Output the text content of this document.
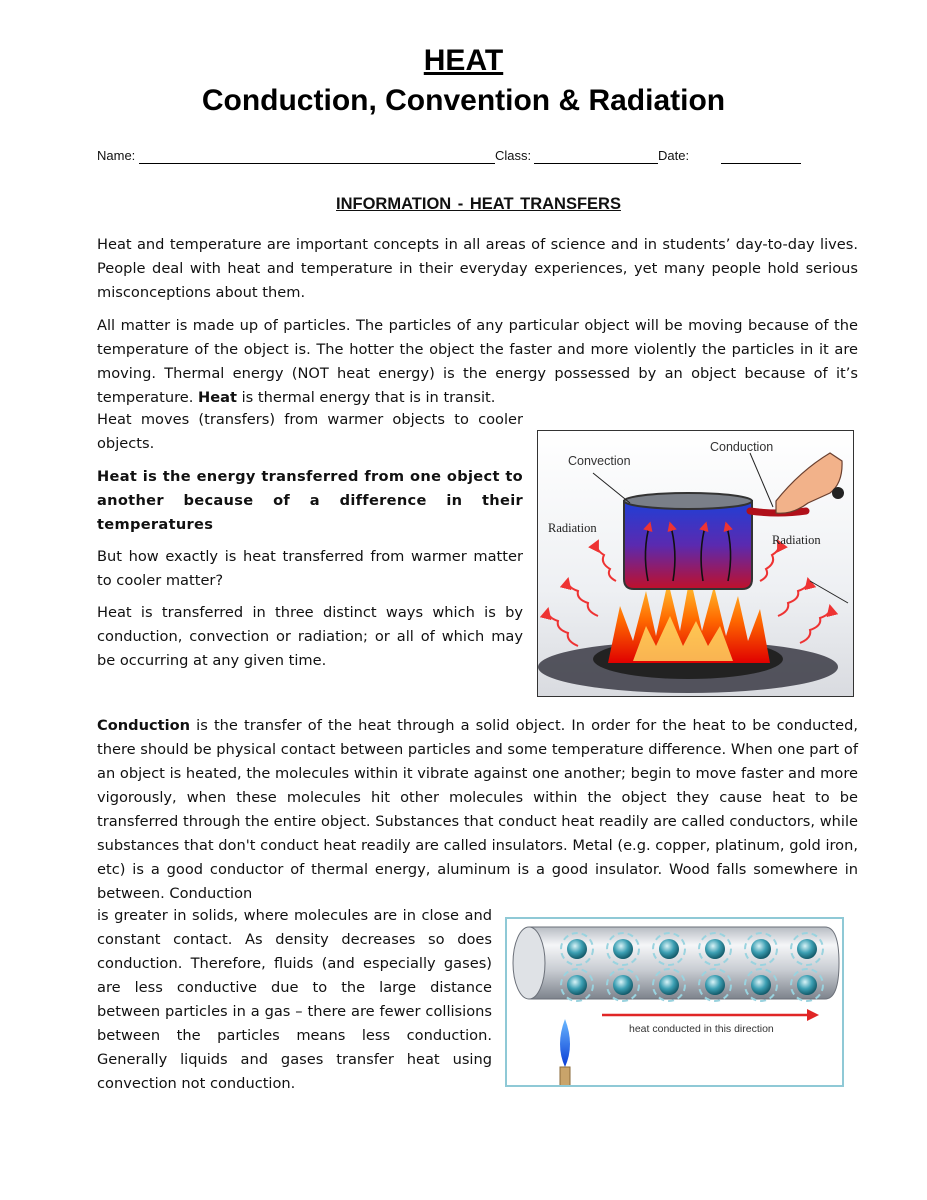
HEAT
Conduction, Convention & Radiation
Name:	Class:	Date:
INFORMATION - HEAT TRANSFERS

Heat and temperature are important concepts in all areas of science and in students’ day-to-day lives. People deal with heat and temperature in their everyday experiences, yet many people hold serious misconceptions about them.

All matter is made up of particles. The particles of any particular object will be moving because of the temperature of the object is. The hotter the object the faster and more violently the particles in it are moving. Thermal energy (NOT heat energy) is the energy possessed by an object because of it’s temperature. Heat is thermal energy that is in transit.

Heat moves (transfers) from warmer objects to cooler objects.

Heat is the energy transferred from one object to another because of a difference in their temperatures

But how exactly is heat transferred from warmer matter to cooler matter?

Heat is transferred in three distinct ways which is by conduction, convection or radiation; or all of which may be occurring at any given time.

Convection
Conduction
Radiation
Radiation

Conduction is the transfer of the heat through a solid object. In order for the heat to be conducted, there should be physical contact between particles and some temperature difference. When one part of an object is heated, the molecules within it vibrate against one another; begin to move faster and more vigorously, when these molecules hit other molecules within the object they cause heat to be transferred through the entire object. Substances that conduct heat readily are called conductors, while substances that don't conduct heat readily are called insulators. Metal (e.g. copper, platinum, gold iron, etc) is a good conductor of thermal energy, aluminum is a good insulator. Wood falls somewhere in between. Conduction

is greater in solids, where molecules are in close and constant contact. As density decreases so does conduction. Therefore, fluids (and especially gases) are less conductive due to the large distance between particles in a gas – there are fewer collisions between the particles means less conduction. Generally liquids and gases transfer heat using convection not conduction.

heat conducted in this direction
